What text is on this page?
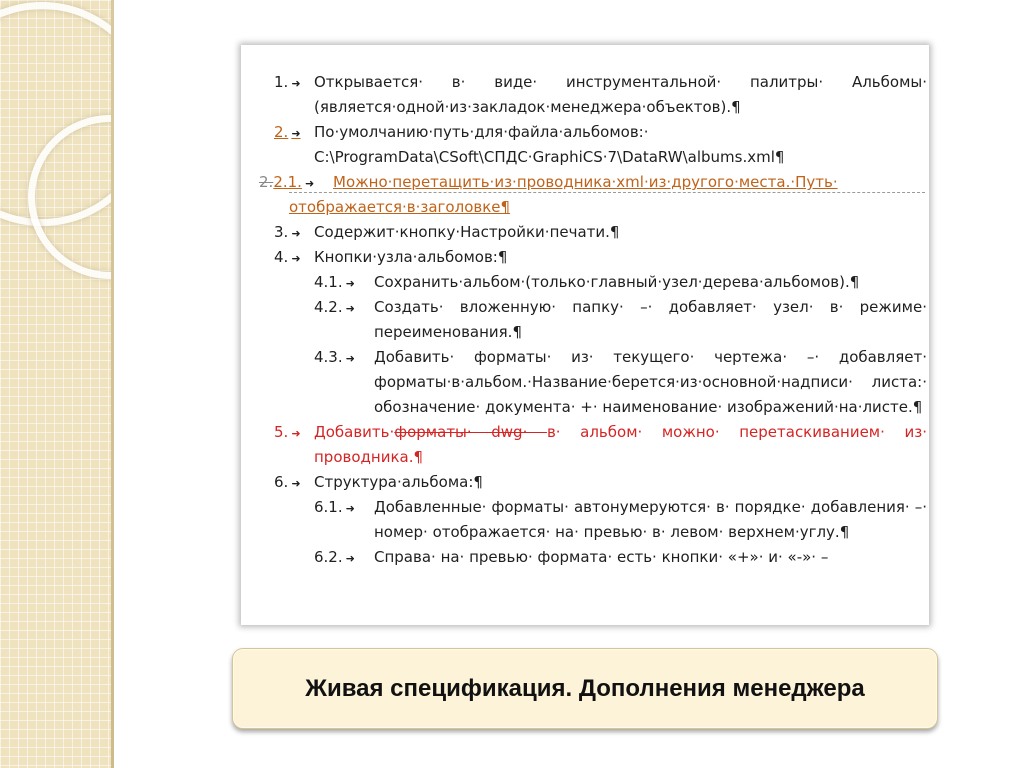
1. ➜ Открывается· в· виде· инструментальной· палитры· Альбомы· (является·одной·из·закладок·менеджера·объектов).¶
2. ➜ По·умолчанию·путь·для·файла·альбомов:· C:\ProgramData\CSoft\СПДС·GraphiCS·7\DataRW\albums.xml¶
2.2.1. ➜	Можно·перетащить·из·проводника·xml·из·другого·места.·Путь· отображается·в·заголовке¶
3. ➜ Содержит·кнопку·Настройки·печати.¶
4. ➜ Кнопки·узла·альбомов:¶
4.1. ➜	Сохранить·альбом·(только·главный·узел·дерева·альбомов).¶
4.2. ➜	Создать· вложенную· папку· –· добавляет· узел· в· режиме· переименования.¶
4.3. ➜	Добавить· форматы· из· текущего· чертежа· –· добавляет· форматы·в·альбом.·Название·берется·из·основной·надписи· листа:· обозначение· документа· +· наименование· изображений·на·листе.¶
5. ➜ Добавить·форматы· dwg· в· альбом· можно· перетаскиванием· из· проводника.¶
6. ➜ Структура·альбома:¶
6.1. ➜	Добавленные· форматы· автонумеруются· в· порядке· добавления· –· номер· отображается· на· превью· в· левом· верхнем·углу.¶
6.2. ➜	Справа· на· превью· формата· есть· кнопки· «+»· и· «-»· –
Живая спецификация. Дополнения менеджера
